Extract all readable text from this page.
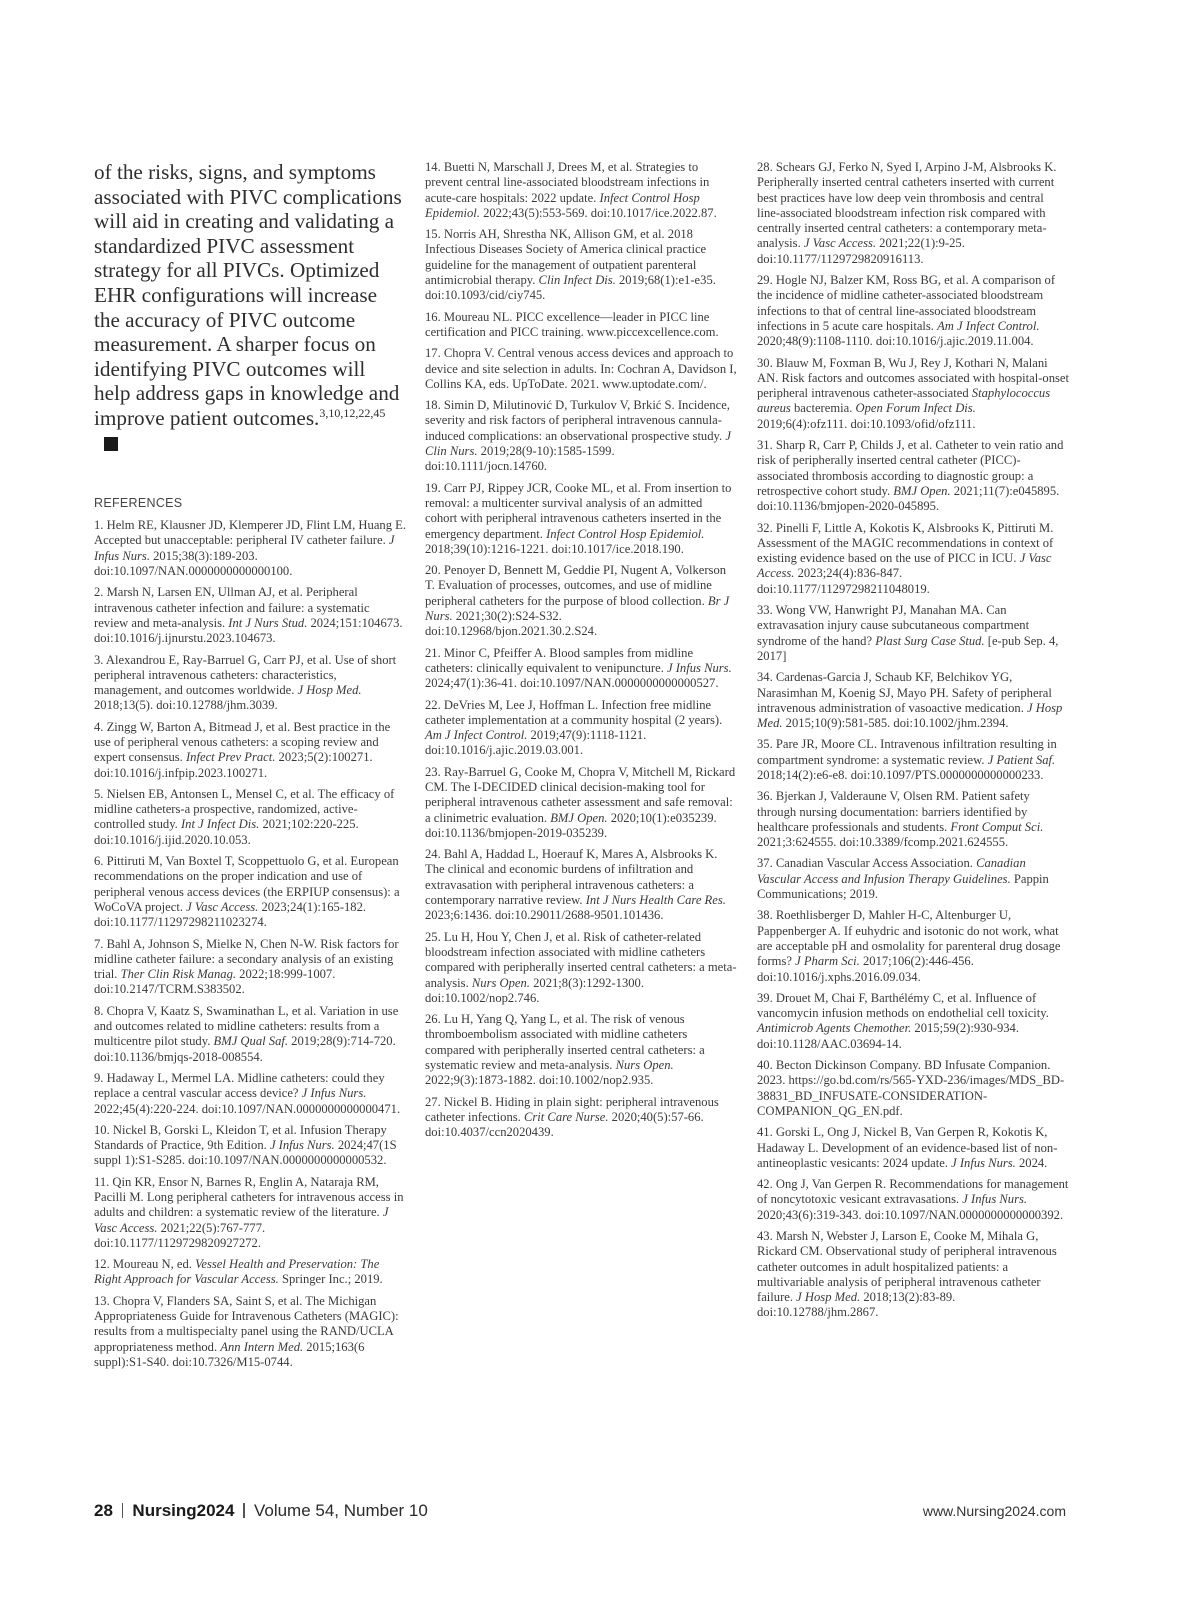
of the risks, signs, and symptoms associated with PIVC complications will aid in creating and validating a standardized PIVC assessment strategy for all PIVCs. Optimized EHR configurations will increase the accuracy of PIVC outcome measurement. A sharper focus on identifying PIVC outcomes will help address gaps in knowledge and improve patient outcomes.$^{3,10,12,22,45}$

REFERENCES

1. Helm RE, Klausner JD, Klemperer JD, Flint LM, Huang E. Accepted but unacceptable: peripheral IV catheter failure. J Infus Nurs. 2015;38(3):189-203. doi:10.1097/NAN.0000000000000100.

2. Marsh N, Larsen EN, Ullman AJ, et al. Peripheral intravenous catheter infection and failure: a systematic review and meta-analysis. Int J Nurs Stud. 2024;151:104673. doi:10.1016/j.ijnurstu.2023.104673.

3. Alexandrou E, Ray-Barruel G, Carr PJ, et al. Use of short peripheral intravenous catheters: characteristics, management, and outcomes worldwide. J Hosp Med. 2018;13(5). doi:10.12788/jhm.3039.

4. Zingg W, Barton A, Bitmead J, et al. Best practice in the use of peripheral venous catheters: a scoping review and expert consensus. Infect Prev Pract. 2023;5(2):100271. doi:10.1016/j.infpip.2023.100271.

5. Nielsen EB, Antonsen L, Mensel C, et al. The efficacy of midline catheters-a prospective, randomized, active-controlled study. Int J Infect Dis. 2021;102:220-225. doi:10.1016/j.ijid.2020.10.053.

6. Pittiruti M, Van Boxtel T, Scoppettuolo G, et al. European recommendations on the proper indication and use of peripheral venous access devices (the ERPIUP consensus): a WoCoVA project. J Vasc Access. 2023;24(1):165-182. doi:10.1177/11297298211023274.

7. Bahl A, Johnson S, Mielke N, Chen N-W. Risk factors for midline catheter failure: a secondary analysis of an existing trial. Ther Clin Risk Manag. 2022;18:999-1007. doi:10.2147/TCRM.S383502.

8. Chopra V, Kaatz S, Swaminathan L, et al. Variation in use and outcomes related to midline catheters: results from a multicentre pilot study. BMJ Qual Saf. 2019;28(9):714-720. doi:10.1136/bmjqs-2018-008554.

9. Hadaway L, Mermel LA. Midline catheters: could they replace a central vascular access device? J Infus Nurs. 2022;45(4):220-224. doi:10.1097/NAN.0000000000000471.

10. Nickel B, Gorski L, Kleidon T, et al. Infusion Therapy Standards of Practice, 9th Edition. J Infus Nurs. 2024;47(1S suppl 1):S1-S285. doi:10.1097/NAN.0000000000000532.

11. Qin KR, Ensor N, Barnes R, Englin A, Nataraja RM, Pacilli M. Long peripheral catheters for intravenous access in adults and children: a systematic review of the literature. J Vasc Access. 2021;22(5):767-777. doi:10.1177/1129729820927272.

12. Moureau N, ed. Vessel Health and Preservation: The Right Approach for Vascular Access. Springer Inc.; 2019.

13. Chopra V, Flanders SA, Saint S, et al. The Michigan Appropriateness Guide for Intravenous Catheters (MAGIC): results from a multispecialty panel using the RAND/UCLA appropriateness method. Ann Intern Med. 2015;163(6 suppl):S1-S40. doi:10.7326/M15-0744.

14. Buetti N, Marschall J, Drees M, et al. Strategies to prevent central line-associated bloodstream infections in acute-care hospitals: 2022 update. Infect Control Hosp Epidemiol. 2022;43(5):553-569. doi:10.1017/ice.2022.87.

15. Norris AH, Shrestha NK, Allison GM, et al. 2018 Infectious Diseases Society of America clinical practice guideline for the management of outpatient parenteral antimicrobial therapy. Clin Infect Dis. 2019;68(1):e1-e35. doi:10.1093/cid/ciy745.

16. Moureau NL. PICC excellence—leader in PICC line certification and PICC training. www.piccexcellence.com.

17. Chopra V. Central venous access devices and approach to device and site selection in adults. In: Cochran A, Davidson I, Collins KA, eds. UpToDate. 2021. www.uptodate.com/.

18. Simin D, Milutinović D, Turkulov V, Brkić S. Incidence, severity and risk factors of peripheral intravenous cannula-induced complications: an observational prospective study. J Clin Nurs. 2019;28(9-10):1585-1599. doi:10.1111/jocn.14760.

19. Carr PJ, Rippey JCR, Cooke ML, et al. From insertion to removal: a multicenter survival analysis of an admitted cohort with peripheral intravenous catheters inserted in the emergency department. Infect Control Hosp Epidemiol. 2018;39(10):1216-1221. doi:10.1017/ice.2018.190.

20. Penoyer D, Bennett M, Geddie PI, Nugent A, Volkerson T. Evaluation of processes, outcomes, and use of midline peripheral catheters for the purpose of blood collection. Br J Nurs. 2021;30(2):S24-S32. doi:10.12968/bjon.2021.30.2.S24.

21. Minor C, Pfeiffer A. Blood samples from midline catheters: clinically equivalent to venipuncture. J Infus Nurs. 2024;47(1):36-41. doi:10.1097/NAN.0000000000000527.

22. DeVries M, Lee J, Hoffman L. Infection free midline catheter implementation at a community hospital (2 years). Am J Infect Control. 2019;47(9):1118-1121. doi:10.1016/j.ajic.2019.03.001.

23. Ray-Barruel G, Cooke M, Chopra V, Mitchell M, Rickard CM. The I-DECIDED clinical decision-making tool for peripheral intravenous catheter assessment and safe removal: a clinimetric evaluation. BMJ Open. 2020;10(1):e035239. doi:10.1136/bmjopen-2019-035239.

24. Bahl A, Haddad L, Hoerauf K, Mares A, Alsbrooks K. The clinical and economic burdens of infiltration and extravasation with peripheral intravenous catheters: a contemporary narrative review. Int J Nurs Health Care Res. 2023;6:1436. doi:10.29011/2688-9501.101436.

25. Lu H, Hou Y, Chen J, et al. Risk of catheter-related bloodstream infection associated with midline catheters compared with peripherally inserted central catheters: a meta-analysis. Nurs Open. 2021;8(3):1292-1300. doi:10.1002/nop2.746.

26. Lu H, Yang Q, Yang L, et al. The risk of venous thromboembolism associated with midline catheters compared with peripherally inserted central catheters: a systematic review and meta-analysis. Nurs Open. 2022;9(3):1873-1882. doi:10.1002/nop2.935.

27. Nickel B. Hiding in plain sight: peripheral intravenous catheter infections. Crit Care Nurse. 2020;40(5):57-66. doi:10.4037/ccn2020439.

28. Schears GJ, Ferko N, Syed I, Arpino J-M, Alsbrooks K. Peripherally inserted central catheters inserted with current best practices have low deep vein thrombosis and central line-associated bloodstream infection risk compared with centrally inserted central catheters: a contemporary meta-analysis. J Vasc Access. 2021;22(1):9-25. doi:10.1177/1129729820916113.

29. Hogle NJ, Balzer KM, Ross BG, et al. A comparison of the incidence of midline catheter-associated bloodstream infections to that of central line-associated bloodstream infections in 5 acute care hospitals. Am J Infect Control. 2020;48(9):1108-1110. doi:10.1016/j.ajic.2019.11.004.

30. Blauw M, Foxman B, Wu J, Rey J, Kothari N, Malani AN. Risk factors and outcomes associated with hospital-onset peripheral intravenous catheter-associated Staphylococcus aureus bacteremia. Open Forum Infect Dis. 2019;6(4):ofz111. doi:10.1093/ofid/ofz111.

31. Sharp R, Carr P, Childs J, et al. Catheter to vein ratio and risk of peripherally inserted central catheter (PICC)-associated thrombosis according to diagnostic group: a retrospective cohort study. BMJ Open. 2021;11(7):e045895. doi:10.1136/bmjopen-2020-045895.

32. Pinelli F, Little A, Kokotis K, Alsbrooks K, Pittiruti M. Assessment of the MAGIC recommendations in context of existing evidence based on the use of PICC in ICU. J Vasc Access. 2023;24(4):836-847. doi:10.1177/11297298211048019.

33. Wong VW, Hanwright PJ, Manahan MA. Can extravasation injury cause subcutaneous compartment syndrome of the hand? Plast Surg Case Stud. [e-pub Sep. 4, 2017]

34. Cardenas-Garcia J, Schaub KF, Belchikov YG, Narasimhan M, Koenig SJ, Mayo PH. Safety of peripheral intravenous administration of vasoactive medication. J Hosp Med. 2015;10(9):581-585. doi:10.1002/jhm.2394.

35. Pare JR, Moore CL. Intravenous infiltration resulting in compartment syndrome: a systematic review. J Patient Saf. 2018;14(2):e6-e8. doi:10.1097/PTS.0000000000000233.

36. Bjerkan J, Valderaune V, Olsen RM. Patient safety through nursing documentation: barriers identified by healthcare professionals and students. Front Comput Sci. 2021;3:624555. doi:10.3389/fcomp.2021.624555.

37. Canadian Vascular Access Association. Canadian Vascular Access and Infusion Therapy Guidelines. Pappin Communications; 2019.

38. Roethlisberger D, Mahler H-C, Altenburger U, Pappenberger A. If euhydric and isotonic do not work, what are acceptable pH and osmolality for parenteral drug dosage forms? J Pharm Sci. 2017;106(2):446-456. doi:10.1016/j.xphs.2016.09.034.

39. Drouet M, Chai F, Barthélémy C, et al. Influence of vancomycin infusion methods on endothelial cell toxicity. Antimicrob Agents Chemother. 2015;59(2):930-934. doi:10.1128/AAC.03694-14.

40. Becton Dickinson Company. BD Infusate Companion. 2023. https://go.bd.com/rs/565-YXD-236/images/MDS_BD-38831_BD_INFUSATE-CONSIDERATION-COMPANION_QG_EN.pdf.

41. Gorski L, Ong J, Nickel B, Van Gerpen R, Kokotis K, Hadaway L. Development of an evidence-based list of non-antineoplastic vesicants: 2024 update. J Infus Nurs. 2024.

42. Ong J, Van Gerpen R. Recommendations for management of noncytotoxic vesicant extravasations. J Infus Nurs. 2020;43(6):319-343. doi:10.1097/NAN.0000000000000392.

43. Marsh N, Webster J, Larson E, Cooke M, Mihala G, Rickard CM. Observational study of peripheral intravenous catheter outcomes in adult hospitalized patients: a multivariable analysis of peripheral intravenous catheter failure. J Hosp Med. 2018;13(2):83-89. doi:10.12788/jhm.2867.

28 Nursing2024 Volume 54, Number 10	www.Nursing2024.com
